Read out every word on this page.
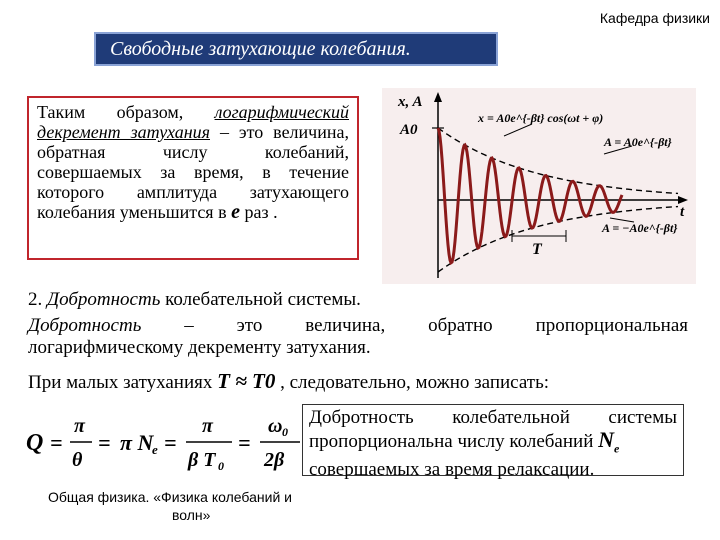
Кафедра физики
Свободные затухающие колебания.
Таким образом, логарифмический декремент затухания – это величина, обратная числу колебаний, совершаемых за время, в течение которого амплитуда затухающего колебания уменьшится в e раз .
x, A
t
A0
T
x = A0e^{-βt} cos(ωt + φ)
A = A0e^{-βt}
A = −A0e^{-βt}
2. Добротность колебательной системы.
Добротность – это величина, обратно пропорциональная
логарифмическому декременту затухания.
При малых затуханиях T ≈ T0 , следовательно, можно записать:
Q =
π
θ
= π N
e =
π
β T 0
=
ω 0
2β
Добротность колебательной системы
пропорциональна числу колебаний $N_e$
совершаемых за время релаксации.
Общая физика. «Физика колебаний и
волн»
